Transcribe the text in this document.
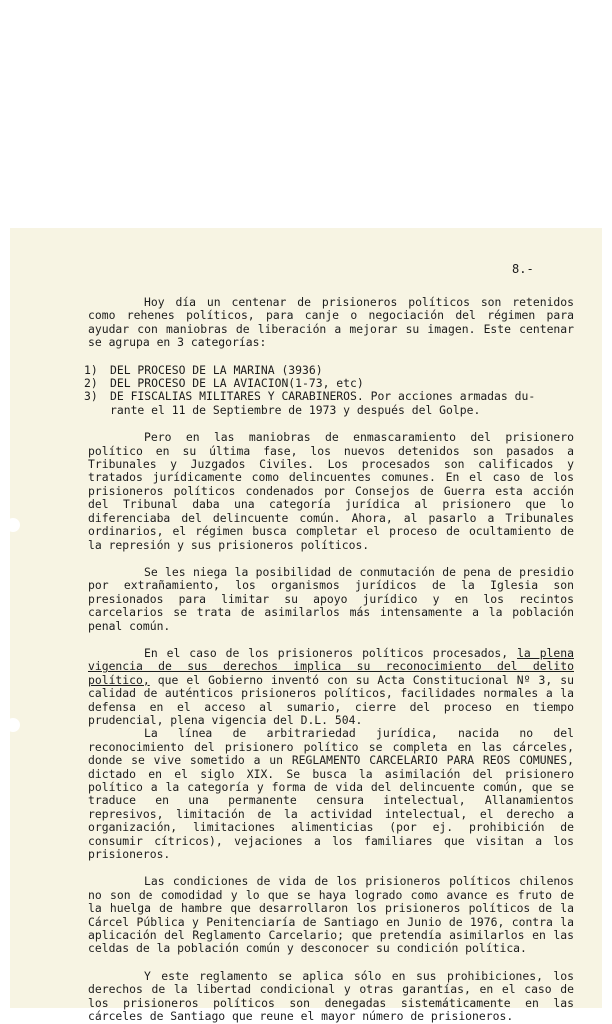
8.-

Hoy día un centenar de prisioneros políticos son retenidos como rehenes políticos, para canje o negociación del régimen para ayudar con maniobras de liberación a mejorar su imagen. Este centenar se agrupa en 3 categorías:

1)	DEL PROCESO DE LA MARINA (3936)
2)	DEL PROCESO DE LA AVIACION(1-73, etc)
3)	DE FISCALIAS MILITARES Y CARABINEROS. Por acciones armadas du-
rante el 11 de Septiembre de 1973 y después del Golpe.

Pero en las maniobras de enmascaramiento del prisionero político en su última fase, los nuevos detenidos son pasados a Tribunales y Juzgados Civiles. Los procesados son calificados y tratados jurídicamente como delincuentes comunes. En el caso de los prisioneros políticos condenados por Consejos de Guerra esta acción del Tribunal daba una categoría jurídica al prisionero que lo diferenciaba del delincuente común. Ahora, al pasarlo a Tribunales ordinarios, el régimen busca completar el proceso de ocultamiento de la represión y sus prisioneros políticos.

Se les niega la posibilidad de conmutación de pena de presidio por extrañamiento, los organismos jurídicos de la Iglesia son presionados para limitar su apoyo jurídico y en los recintos carcelarios se trata de asimilarlos más intensamente a la población penal común.

En el caso de los prisioneros políticos procesados, la plena vigencia de sus derechos implica su reconocimiento del delito político, que el Gobierno inventó con su Acta Constitucional Nº 3, su calidad de auténticos prisioneros políticos, facilidades normales a la defensa en el acceso al sumario, cierre del proceso en tiempo prudencial, plena vigencia del D.L. 504.

La línea de arbitrariedad jurídica, nacida no del reconocimiento del prisionero político se completa en las cárceles, donde se vive sometido a un REGLAMENTO CARCELARIO PARA REOS COMUNES, dictado en el siglo XIX. Se busca la asimilación del prisionero político a la categoría y forma de vida del delincuente común, que se traduce en una permanente censura intelectual, Allanamientos represivos, limitación de la actividad intelectual, el derecho a organización, limitaciones alimenticias (por ej. prohibición de consumir cítricos), vejaciones a los familiares que visitan a los prisioneros.

Las condiciones de vida de los prisioneros políticos chilenos no son de comodidad y lo que se haya logrado como avance es fruto de la huelga de hambre que desarrollaron los prisioneros políticos de la Cárcel Pública y Penitenciaría de Santiago en Junio de 1976, contra la aplicación del Reglamento Carcelario; que pretendía asimilarlos en las celdas de la población común y desconocer su condición política.

Y este reglamento se aplica sólo en sus prohibiciones, los derechos de la libertad condicional y otras garantías, en el caso de los prisioneros políticos son denegadas sistemáticamente en las cárceles de Santiago que reune el mayor número de prisioneros.
